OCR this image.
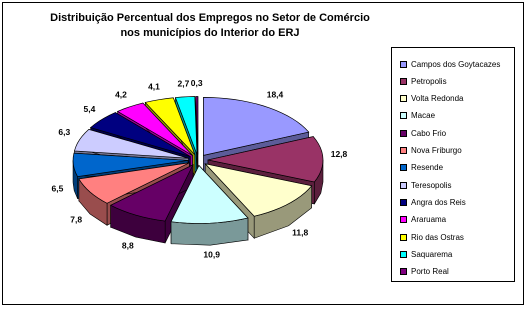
Distribuição Percentual dos Empregos no Setor de Comércio
nos municípios do Interior do ERJ
18,4
12,8
11,8
10,9
8,8
7,8
6,5
6,3
5,4
4,2
4,1 2,7 0,3
Campos dos Goytacazes
Petropolis
Volta Redonda
Macae
Cabo Frio
Nova Friburgo
Resende
Teresopolis
Angra dos Reis
Araruama
Rio das Ostras
Saquarema
Porto Real
